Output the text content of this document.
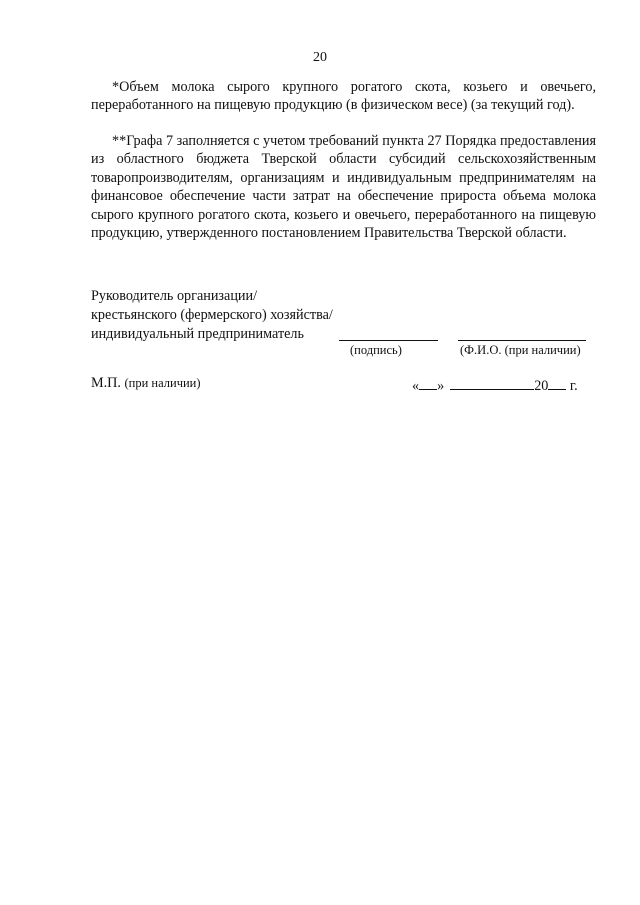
20

*Объем молока сырого крупного рогатого скота, козьего и овечьего, переработанного на пищевую продукцию (в физическом весе) (за текущий год).

**Графа 7 заполняется с учетом требований пункта 27 Порядка предоставления из областного бюджета Тверской области субсидий сельскохозяйственным товаропроизводителям, организациям и индивидуальным предпринимателям на финансовое обеспечение части затрат на обеспечение прироста объема молока сырого крупного рогатого скота, козьего и овечьего, переработанного на пищевую продукцию, утвержденного постановлением Правительства Тверской области.

Руководитель организации/
крестьянского (фермерского) хозяйства/
индивидуальный предприниматель
(подпись)	(Ф.И.О. (при наличии)
М.П. (при наличии)	« »	20 г.
